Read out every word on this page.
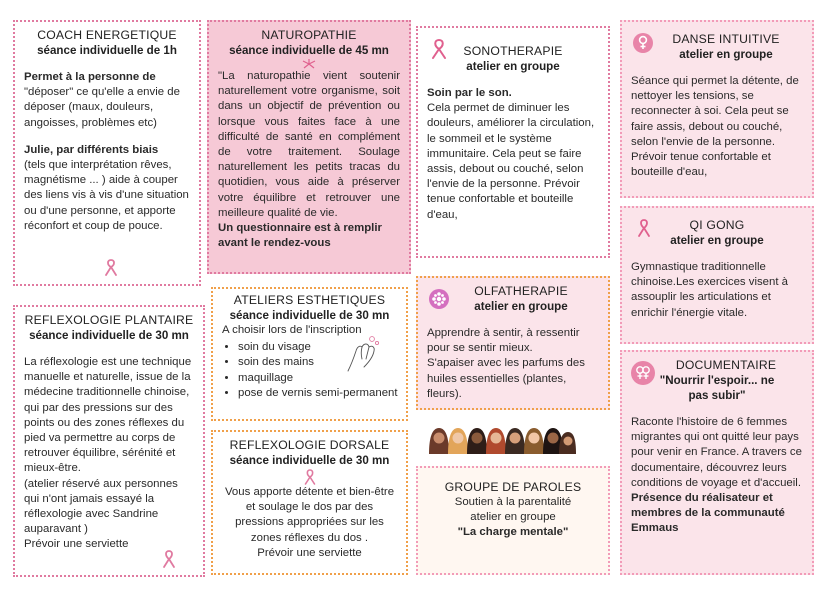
COACH ENERGETIQUE
séance individuelle de 1h
Permet à la personne de "déposer" ce qu'elle a envie de déposer (maux, douleurs, angoisses, problèmes etc)
Julie, par différents biais
(tels que interprétation rêves, magnétisme ... ) aide à couper des liens vis à vis d'une situation ou d'une personne, et apporte réconfort et coup de pouce.
NATUROPATHIE
séance individuelle de 45 mn
"La naturopathie vient soutenir naturellement votre organisme, soit dans un objectif de prévention ou lorsque vous faites face à une difficulté de santé en complément de votre traitement. Soulage naturellement les petits tracas du quotidien, vous aide à préserver votre équilibre et retrouver une meilleure qualité de vie.
Un questionnaire est à remplir avant le rendez-vous
SONOTHERAPIE
atelier en groupe
Soin par le son.
Cela permet de diminuer les douleurs, améliorer la circulation, le sommeil et le système immunitaire. Cela peut se faire assis, debout ou couché, selon l'envie de la personne. Prévoir tenue confortable et bouteille d'eau,
DANSE INTUITIVE
atelier en groupe
Séance qui permet la détente, de nettoyer les tensions, se reconnecter à soi. Cela peut se faire assis, debout ou couché, selon l'envie de la personne.
Prévoir tenue confortable et bouteille d'eau,
QI GONG
atelier en groupe
Gymnastique traditionnelle chinoise.Les exercices visent à assouplir les articulations et enrichir l'énergie vitale.
REFLEXOLOGIE PLANTAIRE
séance individuelle de 30 mn
La réflexologie est une technique manuelle et naturelle, issue de la médecine traditionnelle chinoise, qui par des pressions sur des points ou des zones réflexes du pied va permettre au corps de retrouver équilibre, sérénité et mieux-être.
(atelier réservé aux personnes qui n'ont jamais essayé la réflexologie avec Sandrine auparavant )
Prévoir une serviette
ATELIERS ESTHETIQUES
séance individuelle de 30 mn
A choisir lors de l'inscription
• soin du visage
• soin des mains
• maquillage
• pose de vernis semi-permanent
OLFATHERAPIE
atelier en groupe
Apprendre à sentir, à ressentir pour se sentir mieux.
S'apaiser avec les parfums des huiles essentielles (plantes, fleurs).
DOCUMENTAIRE
"Nourrir l'espoir... ne pas subir"
Raconte l'histoire de 6 femmes migrantes qui ont quitté leur pays pour venir en France. A travers ce documentaire, découvrez leurs conditions de voyage et d'accueil.
Présence du réalisateur et membres de la communauté Emmaus
REFLEXOLOGIE DORSALE
séance individuelle de 30 mn
Vous apporte détente et bien-être et soulage le dos par des pressions appropriées sur les zones réflexes du dos .
Prévoir une serviette
GROUPE DE PAROLES
Soutien à la parentalité
atelier en groupe
"La charge mentale"
